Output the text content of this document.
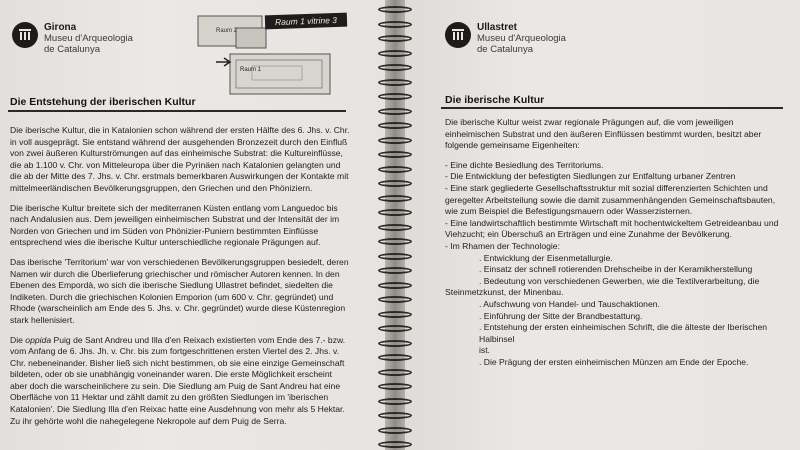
Girona
Museu d'Arqueologia
de Catalunya
Raum 2
Raum 1
Raum 1 vitrine 3
Die Entstehung der iberischen Kultur

Die iberische Kultur, die in Katalonien schon während der ersten Hälfte des 6. Jhs. v. Chr. in voll ausgeprägt. Sie entstand während der ausgehenden Bronzezeit durch den Einfluß von zwei äußeren Kulturströmungen auf das einheimische Substrat: die Kultureinflüsse, die ab 1.100 v. Chr. von Mitteleuropa über die Pyrinäen nach Katalonien gelangten und die ab der Mitte des 7. Jhs. v. Chr. erstmals bemerkbaren Auswirkungen der Kontakte mit mittelmeerländischen Bevölkerungsgruppen, den Griechen und den Phöniziern.

Die iberische Kultur breitete sich der mediterranen Küsten entlang vom Languedoc bis nach Andalusien aus. Dem jeweiligen einheimischen Substrat und der Intensität der im Norden von Griechen und im Süden von Phönizier-Puniern bestimmten Einflüsse entsprechend wies die iberische Kultur unterschiedliche regionale Prägungen auf.

Das iberische 'Territorium' war von verschiedenen Bevölkerungsgruppen besiedelt, deren Namen wir durch die Überlieferung griechischer und römischer Autoren kennen. In den Ebenen des Empordà, wo sich die iberische Siedlung Ullastret befindet, siedelten die Indiketen. Durch die griechischen Kolonien Emporion (um 600 v. Chr. gegründet) und Rhode (warscheinlich am Ende des 5. Jhs. v. Chr. gegründet) wurde diese Küstenregion stark hellenisiert.

Die oppida Puig de Sant Andreu und Illa d'en Reixach existierten vom Ende des 7.- bzw. vom Anfang de 6. Jhs. Jh. v. Chr. bis zum fortgeschrittenen ersten Viertel des 2. Jhs. v. Chr. nebeneinander. Bisher ließ sich nicht bestimmen, ob sie eine einzige Gemeinschaft bildeten, oder ob sie unabhängig voneinander waren. Die erste Möglichkeit erscheint aber doch die warscheinlichere zu sein. Die Siedlung am Puig de Sant Andreu hat eine Oberfläche von 11 Hektar und zählt damit zu den größten Siedlungen im 'iberischen Katalonien'. Die Siedlung Illa d'en Reixac hatte eine Ausdehnung von mehr als 5 Hektar. Zu ihr gehörte wohl die nahegelegene Nekropole auf dem Puig de Serra.

Ullastret
Museu d'Arqueologia
de Catalunya
Die iberische Kultur

Die iberische Kultur weist zwar regionale Prägungen auf, die vom jeweiligen einheimischen Substrat und den äußeren Einflüssen bestimmt wurden, besitzt aber folgende gemeinsame Eigenheiten:

- Eine dichte Besiedlung des Territoriums.
- Die Entwicklung der befestigten Siedlungen zur Entfaltung urbaner Zentren
- Eine stark gegliederte Gesellschaftsstruktur mit sozial differenzierten Schichten und geregelter Arbeitsteilung sowie die damit zusammenhängenden Gemeinschaftsbauten, wie zum Beispiel die Befestigungsmauern oder Wasserzisternen.
- Eine landwirtschaftlich bestimmte Wirtschaft mit hochentwickeltem Getreideanbau und Viehzucht; ein Überschuß an Erträgen und eine Zunahme der Bevölkerung.
- Im Rhamen der Technologie:
. Entwicklung der Eisenmetallurgie.
. Einsatz der schnell rotierenden Drehscheibe in der Keramikherstellung
. Bedeutung von verschiedenen Gewerben, wie die Textilverarbeitung, die
Steinmetzkunst, der Minenbau.
. Aufschwung von Handel- und Tauschaktionen.
. Einführung der Sitte der Brandbestattung.
. Entstehung der ersten einheimischen Schrift, die die älteste der Iberischen Halbinsel
ist.
. Die Prägung der ersten einheimischen Münzen am Ende der Epoche.
